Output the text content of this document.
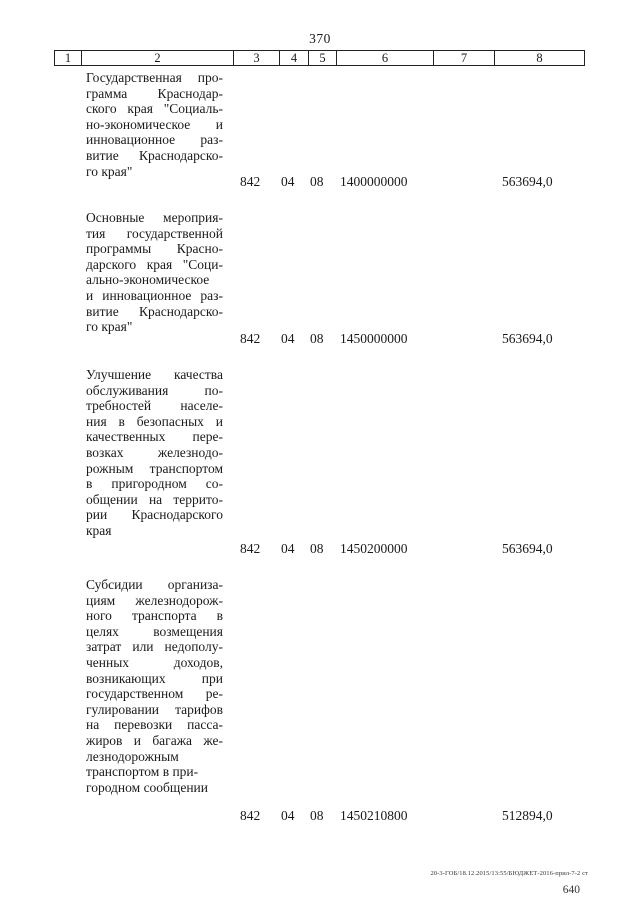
370
1	2	3	4	5	6	7	8
Государственная про-
грамма Краснодар-
ского края "Социаль-
но-экономическое и
инновационное раз-
витие Краснодарско-
го края"
842 04 08 1400000000	563694,0
Основные мероприя-
тия государственной
программы Красно-
дарского края "Соци-
ально-экономическое
и инновационное раз-
витие Краснодарско-
го края"
842 04 08 1450000000	563694,0
Улучшение качества
обслуживания по-
требностей населе-
ния в безопасных и
качественных пере-
возках железнодо-
рожным транспортом
в пригородном со-
общении на террито-
рии Краснодарского
края
842 04 08 1450200000	563694,0
Субсидии организа-
циям железнодорож-
ного транспорта в
целях возмещения
затрат или недополу-
ченных доходов,
возникающих при
государственном ре-
гулировании тарифов
на перевозки пасса-
жиров и багажа же-
лезнодорожным
транспортом в при-
городном сообщении
842 04 08 1450210800	512894,0
20-3-ГОБ/18.12.2015/13:55/БЮДЖЕТ-2016-прил-7-2 ст
640
